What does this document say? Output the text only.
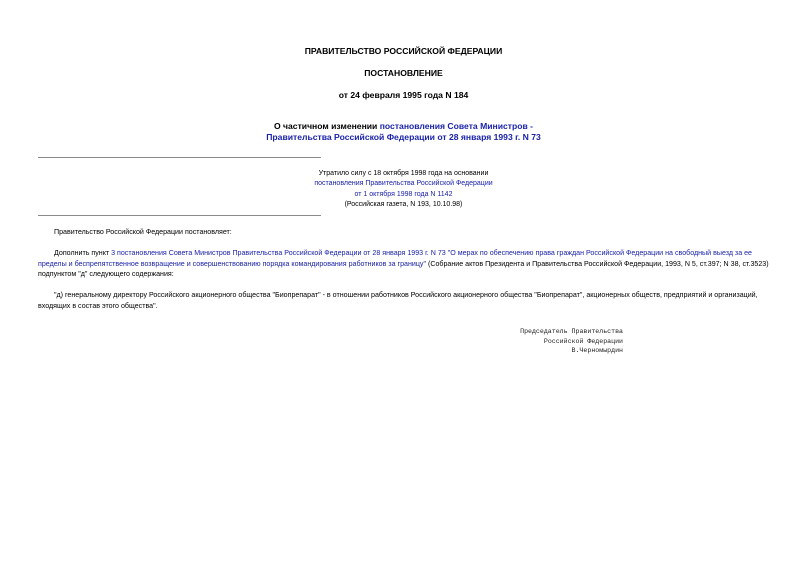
ПРАВИТЕЛЬСТВО РОССИЙСКОЙ ФЕДЕРАЦИИ
ПОСТАНОВЛЕНИЕ
от 24 февраля 1995 года N 184
О частичном изменении постановления Совета Министров -
Правительства Российской Федерации от 28 января 1993 г. N 73
Утратило силу с 18 октября 1998 года на основании
постановления Правительства Российской Федерации
от 1 октября 1998 года N 1142
(Российская газета, N 193, 10.10.98)
Правительство Российской Федерации постановляет:
Дополнить пункт 3 постановления Совета Министров Правительства Российской Федерации от 28 января 1993 г. N 73 "О мерах по обеспечению права граждан Российской Федерации на свободный выезд за ее пределы и беспрепятственное возвращение и совершенствованию порядка командирования работников за границу" (Собрание актов Президента и Правительства Российской Федерации, 1993, N 5, ст.397; N 38, ст.3523) подпунктом "д" следующего содержания:
"д) генеральному директору Российского акционерного общества "Биопрепарат" - в отношении работников Российского акционерного общества "Биопрепарат", акционерных обществ, предприятий и организаций, входящих в состав этого общества".
Председатель Правительства
Российской Федерации
В.Черномырдин
